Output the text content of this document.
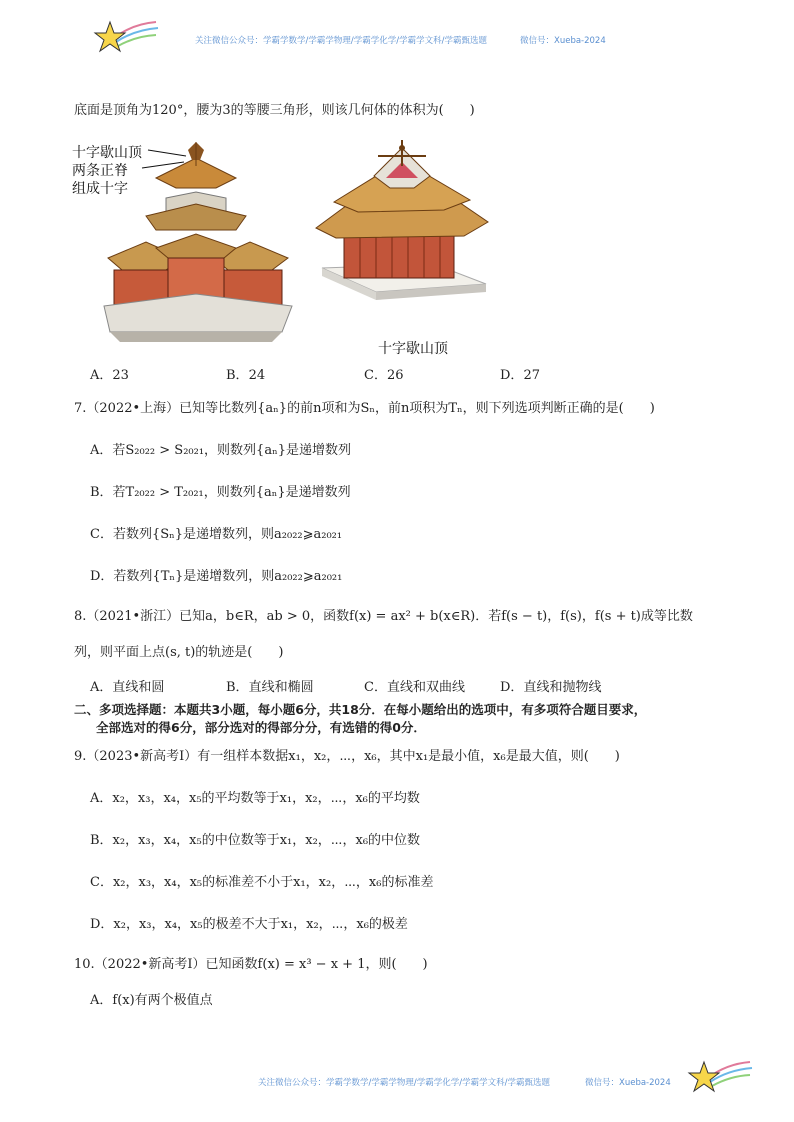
关注微信公众号：学霸学数学/学霸学物理/学霸学化学/学霸学文科/学霸甄选题	微信号：Xueba-2024
底面是顶角为120°，腰为3的等腰三角形，则该几何体的体积为(　　)
十字歇山顶
两条正脊
组成十字
十字歇山顶
A．23	B．24	C．26	D．27
7.（2022•上海）已知等比数列{aₙ}的前n项和为Sₙ，前n项积为Tₙ，则下列选项判断正确的是(　　)
A．若S₂₀₂₂ > S₂₀₂₁，则数列{aₙ}是递增数列
B．若T₂₀₂₂ > T₂₀₂₁，则数列{aₙ}是递增数列
C．若数列{Sₙ}是递增数列，则a₂₀₂₂⩾a₂₀₂₁
D．若数列{Tₙ}是递增数列，则a₂₀₂₂⩾a₂₀₂₁
8.（2021•浙江）已知a，b∈R，ab > 0，函数f(x) = ax² + b(x∈R)．若f(s − t)，f(s)，f(s + t)成等比数
列，则平面上点(s, t)的轨迹是(　　)
A．直线和圆	B．直线和椭圆	C．直线和双曲线	D．直线和抛物线
二、多项选择题：本题共3小题，每小题6分，共18分．在每小题给出的选项中，有多项符合题目要求，
全部选对的得6分，部分选对的得部分分，有选错的得0分．
9.（2023•新高考Ⅰ）有一组样本数据x₁，x₂，⋯，x₆，其中x₁是最小值，x₆是最大值，则(　　)
A．x₂，x₃，x₄，x₅的平均数等于x₁，x₂，⋯，x₆的平均数
B．x₂，x₃，x₄，x₅的中位数等于x₁，x₂，⋯，x₆的中位数
C．x₂，x₃，x₄，x₅的标准差不小于x₁，x₂，⋯，x₆的标准差
D．x₂，x₃，x₄，x₅的极差不大于x₁，x₂，⋯，x₆的极差
10.（2022•新高考Ⅰ）已知函数f(x) = x³ − x + 1，则(　　)
A．f(x)有两个极值点
关注微信公众号：学霸学数学/学霸学物理/学霸学化学/学霸学文科/学霸甄选题	微信号：Xueba-2024
